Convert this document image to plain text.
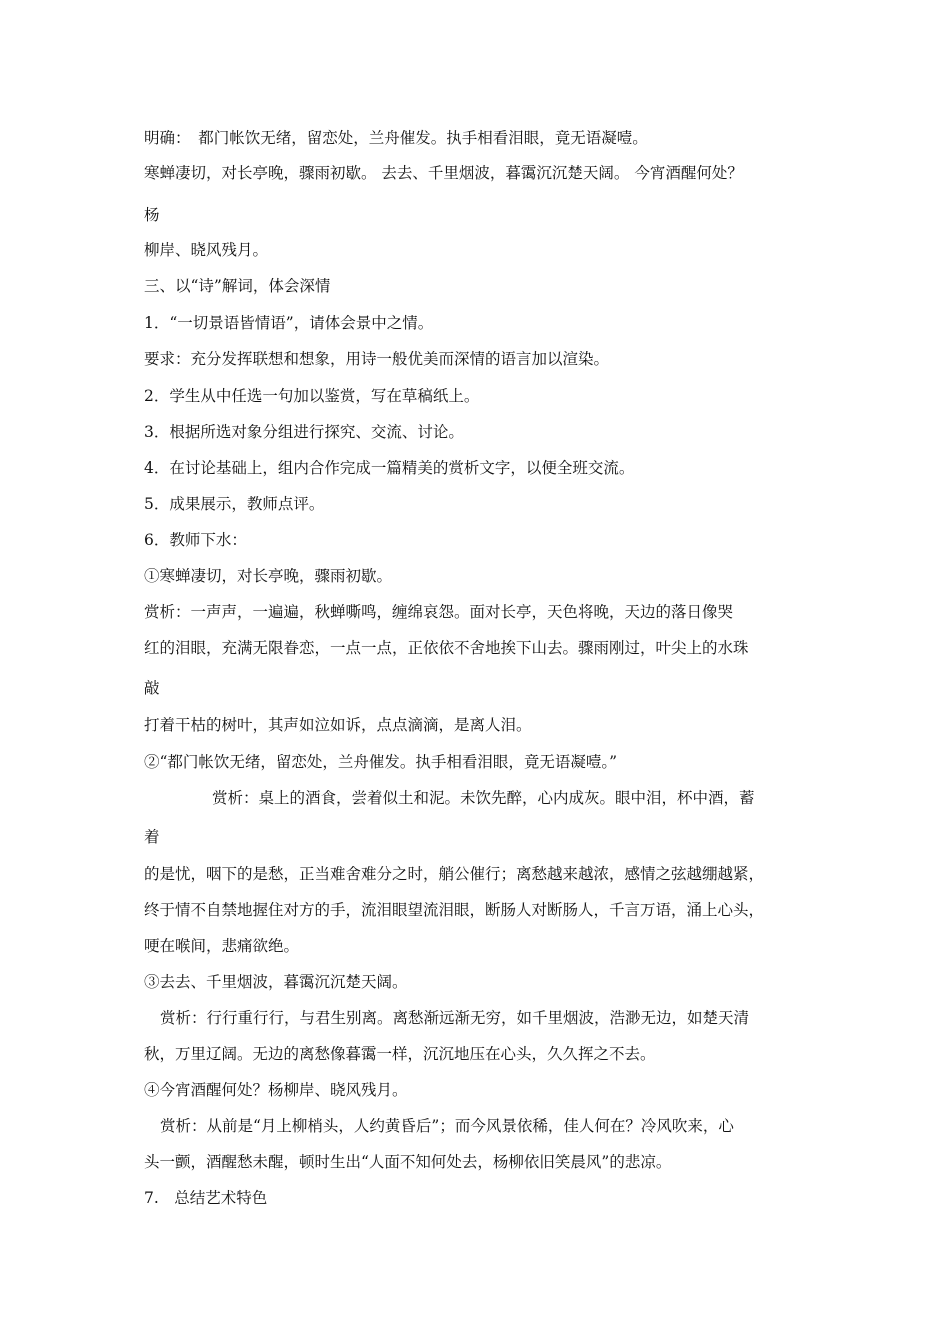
明确：　都门帐饮无绪，留恋处，兰舟催发。执手相看泪眼，竟无语凝噎。
寒蝉凄切，对长亭晚，骤雨初歇。 去去、千里烟波，暮霭沉沉楚天阔。 今宵酒醒何处？
杨
柳岸、晓风残月。
三、以“诗”解词，体会深情
1．“一切景语皆情语”，请体会景中之情。
要求：充分发挥联想和想象，用诗一般优美而深情的语言加以渲染。
2．学生从中任选一句加以鉴赏，写在草稿纸上。
3．根据所选对象分组进行探究、交流、讨论。
4．在讨论基础上，组内合作完成一篇精美的赏析文字，以便全班交流。
5．成果展示，教师点评。
6．教师下水：
①寒蝉凄切，对长亭晚，骤雨初歇。
赏析：一声声，一遍遍，秋蝉嘶鸣，缠绵哀怨。面对长亭，天色将晚，天边的落日像哭
红的泪眼，充满无限眷恋，一点一点，正依依不舍地挨下山去。骤雨刚过，叶尖上的水珠
敲
打着干枯的树叶，其声如泣如诉，点点滴滴，是离人泪。
②“都门帐饮无绪，留恋处，兰舟催发。执手相看泪眼，竟无语凝噎。”
赏析：桌上的酒食，尝着似土和泥。未饮先醉，心内成灰。眼中泪，杯中酒，蓄
着
的是忧，咽下的是愁，正当难舍难分之时，艄公催行；离愁越来越浓，感情之弦越绷越紧，
终于情不自禁地握住对方的手，流泪眼望流泪眼，断肠人对断肠人，千言万语，涌上心头，
哽在喉间，悲痛欲绝。
③去去、千里烟波，暮霭沉沉楚天阔。
赏析：行行重行行，与君生别离。离愁渐远渐无穷，如千里烟波，浩渺无边，如楚天清
秋，万里辽阔。无边的离愁像暮霭一样，沉沉地压在心头，久久挥之不去。
④今宵酒醒何处？杨柳岸、晓风残月。
赏析：从前是“月上柳梢头，人约黄昏后”；而今风景依稀，佳人何在？冷风吹来，心
头一颤，酒醒愁未醒，顿时生出“人面不知何处去，杨柳依旧笑晨风”的悲凉。
7.　总结艺术特色
